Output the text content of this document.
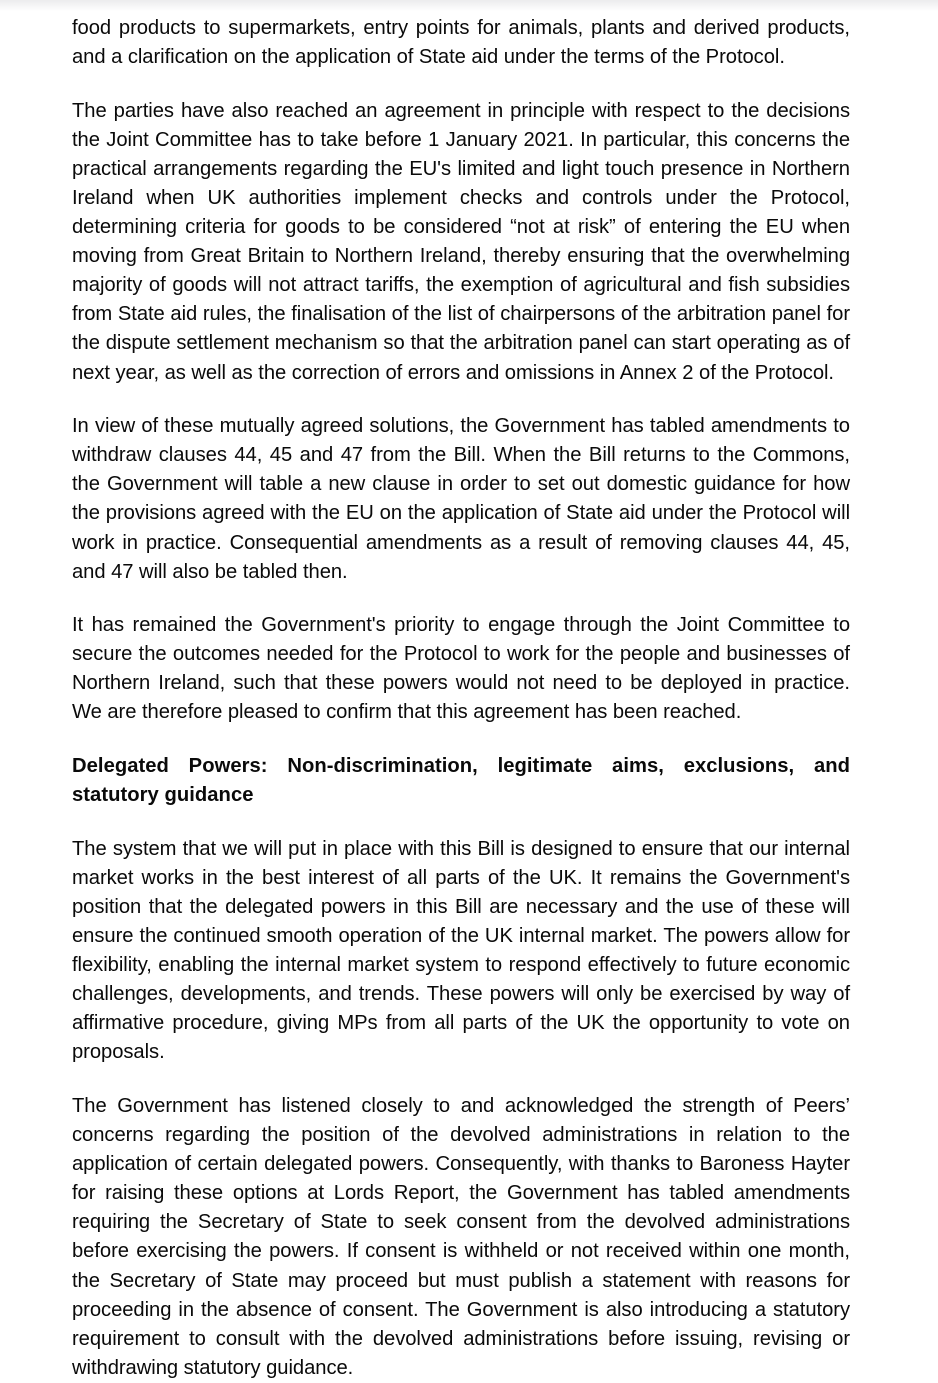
food products to supermarkets, entry points for animals, plants and derived products, and a clarification on the application of State aid under the terms of the Protocol.

The parties have also reached an agreement in principle with respect to the decisions the Joint Committee has to take before 1 January 2021. In particular, this concerns the practical arrangements regarding the EU's limited and light touch presence in Northern Ireland when UK authorities implement checks and controls under the Protocol, determining criteria for goods to be considered “not at risk” of entering the EU when moving from Great Britain to Northern Ireland, thereby ensuring that the overwhelming majority of goods will not attract tariffs, the exemption of agricultural and fish subsidies from State aid rules, the finalisation of the list of chairpersons of the arbitration panel for the dispute settlement mechanism so that the arbitration panel can start operating as of next year, as well as the correction of errors and omissions in Annex 2 of the Protocol.

In view of these mutually agreed solutions, the Government has tabled amendments to withdraw clauses 44, 45 and 47 from the Bill. When the Bill returns to the Commons, the Government will table a new clause in order to set out domestic guidance for how the provisions agreed with the EU on the application of State aid under the Protocol will work in practice. Consequential amendments as a result of removing clauses 44, 45, and 47 will also be tabled then.

It has remained the Government's priority to engage through the Joint Committee to secure the outcomes needed for the Protocol to work for the people and businesses of Northern Ireland, such that these powers would not need to be deployed in practice. We are therefore pleased to confirm that this agreement has been reached.

Delegated Powers: Non-discrimination, legitimate aims, exclusions, and statutory guidance

The system that we will put in place with this Bill is designed to ensure that our internal market works in the best interest of all parts of the UK. It remains the Government's position that the delegated powers in this Bill are necessary and the use of these will ensure the continued smooth operation of the UK internal market. The powers allow for flexibility, enabling the internal market system to respond effectively to future economic challenges, developments, and trends. These powers will only be exercised by way of affirmative procedure, giving MPs from all parts of the UK the opportunity to vote on proposals.

The Government has listened closely to and acknowledged the strength of Peers’ concerns regarding the position of the devolved administrations in relation to the application of certain delegated powers. Consequently, with thanks to Baroness Hayter for raising these options at Lords Report, the Government has tabled amendments requiring the Secretary of State to seek consent from the devolved administrations before exercising the powers. If consent is withheld or not received within one month, the Secretary of State may proceed but must publish a statement with reasons for proceeding in the absence of consent. The Government is also introducing a statutory requirement to consult with the devolved administrations before issuing, revising or withdrawing statutory guidance.
